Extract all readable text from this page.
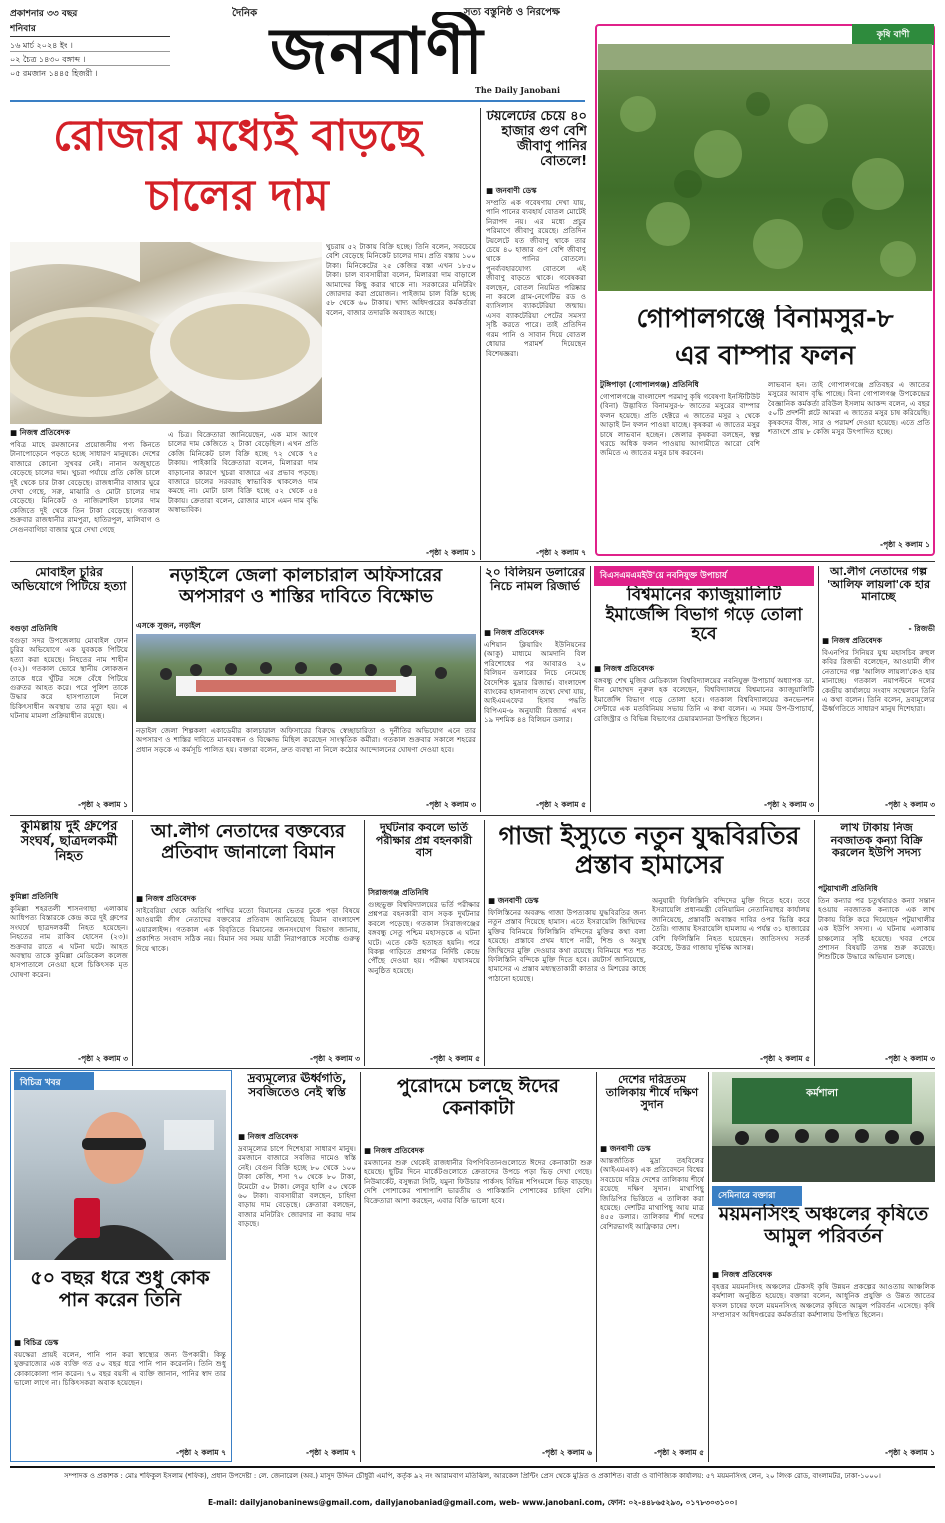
প্রকাশনার ৩৩ বছর
শনিবার
১৬ মার্চ ২০২৪ ইং ।
০২ চৈত্র ১৪৩০ বঙ্গাব্দ ।
০৫ রমজান ১৪৪৫ হিজরী ।
দৈনিক
জনবাণী
সত্য বস্তুনিষ্ঠ ও নিরপেক্ষ
The Daily Janobani
রোজার মধ্যেই বাড়ছে
চালের দাম
■ নিজস্ব প্রতিবেদক
পবিত্র মাহে রমজানের প্রয়োজনীয় পণ্য কিনতে টানাপোড়েনে পড়তে হচ্ছে সাধারণ মানুষকে। দেশের বাজারে কোনো সুখবর নেই। নানান অজুহাতে বেড়েছে চালের দাম। খুচরা পর্যায়ে প্রতি কেজি চালে দুই থেকে চার টাকা বেড়েছে। রাজধানীর বাজার ঘুরে দেখা গেছে, সরু, মাঝারি ও মোটা চালের দাম বেড়েছে। মিনিকেট ও নাজিরশাইল চালের দাম কেজিতে দুই থেকে তিন টাকা বেড়েছে। গতকাল শুক্রবার রাজধানীর রামপুরা, হাতিরপুল, মালিবাগ ও সেগুনবাগিচা বাজার ঘুরে দেখা গেছে
এ চিত্র। বিক্রেতারা জানিয়েছেন, এক মাস আগে চালের দাম কেজিতে ২ টাকা বেড়েছিল। এখন প্রতি কেজি মিনিকেট চাল বিক্রি হচ্ছে ৭২ থেকে ৭৫ টাকায়। পাইকারি বিক্রেতারা বলেন, মিলাররা দাম বাড়ানোর কারণে খুচরা বাজারে এর প্রভাব পড়ছে। বাজারে চালের সরবরাহ স্বাভাবিক থাকলেও দাম কমছে না। মোটা চাল বিক্রি হচ্ছে ৫২ থেকে ৫৪ টাকায়। ক্রেতারা বলেন, রোজার মাসে এমন দাম বৃদ্ধি অস্বাভাবিক।
খুচরায় ৫২ টাকায় বিক্রি হচ্ছে। তিনি বলেন, সবচেয়ে বেশি বেড়েছে মিনিকেট চালের দাম। প্রতি বস্তায় ১০০ টাকা। মিনিকেটের ২৫ কেজির বস্তা এখন ১৮৫০ টাকা। চাল ব্যবসায়ীরা বলেন, মিলাররা দাম বাড়ালে আমাদের কিছু করার থাকে না। সরকারের মনিটরিং জোরদার করা প্রয়োজন। পাইজাম চাল বিক্রি হচ্ছে ৫৮ থেকে ৬০ টাকায়। খাদ্য অধিদপ্তরের কর্মকর্তারা বলেন, বাজার তদারকি অব্যাহত আছে।
-পৃষ্ঠা ২ কলাম ১
টয়লেটের চেয়ে ৪০ হাজার গুণ বেশি জীবাণু পানির বোতলে!
■ জনবাণী ডেস্ক
সম্প্রতি এক গবেষণায় দেখা যায়, পানি পানের ব্যবহার্য বোতল মোটেই নিরাপদ নয়। এর মধ্যে প্রচুর পরিমাণে জীবাণু রয়েছে। প্রতিদিন টয়লেটে যত জীবাণু থাকে তার চেয়ে ৪০ হাজার গুণ বেশি জীবাণু থাকে পানির বোতলে। পুনর্ব্যবহারযোগ্য বোতলে এই জীবাণু বাড়তে থাকে। গবেষকরা বলছেন, বোতল নিয়মিত পরিষ্কার না করলে গ্রাম-নেগেটিভ রড ও ব্যাসিলাস ব্যাকটেরিয়া জন্মায়। এসব ব্যাকটেরিয়া পেটের সমস্যা সৃষ্টি করতে পারে। তাই প্রতিদিন গরম পানি ও সাবান দিয়ে বোতল ধোয়ার পরামর্শ দিয়েছেন বিশেষজ্ঞরা।
-পৃষ্ঠা ২ কলাম ৭
কৃষি বাণী
গোপালগঞ্জে বিনামসুর-৮
এর বাম্পার ফলন
টুঙ্গিপাড়া (গোপালগঞ্জ) প্রতিনিধি
গোপালগঞ্জে বাংলাদেশ পরমাণু কৃষি গবেষণা ইনস্টিটিউট (বিনা) উদ্ভাবিত বিনামসুর-৮ জাতের মসুরের বাম্পার ফলন হয়েছে। প্রতি হেক্টরে এ জাতের মসুর ২ থেকে আড়াই টন ফলন পাওয়া যাচ্ছে। কৃষকরা এ জাতের মসুর চাষে লাভবান হচ্ছেন। জেলার কৃষকরা বলছেন, স্বল্প খরচে অধিক ফলন পাওয়ায় আগামীতে আরো বেশি জমিতে এ জাতের মসুর চাষ করবেন।
লাভবান হন। তাই গোপালগঞ্জে প্রতিবছর এ জাতের মসুরের আবাদ বৃদ্ধি পাচ্ছে। বিনা গোপালগঞ্জ উপকেন্দ্রের বৈজ্ঞানিক কর্মকর্তা রবিউল ইসলাম আকন্দ বলেন, এ বছর ৫০টি প্রদর্শনী প্লটে আমরা এ জাতের মসুর চাষ করিয়েছি। কৃষকদের বীজ, সার ও পরামর্শ দেওয়া হয়েছে। এতে প্রতি শতাংশে প্রায় ৮ কেজি মসুর উৎপাদিত হচ্ছে।
-পৃষ্ঠা ২ কলাম ১
মোবাইল চুরির অভিযোগে পিটিয়ে হত্যা
বগুড়া প্রতিনিধি
বগুড়া সদর উপজেলায় মোবাইল ফোন চুরির অভিযোগে এক যুবককে পিটিয়ে হত্যা করা হয়েছে। নিহতের নাম শাহীন (৩২)। গতকাল ভোরে স্থানীয় লোকজন তাকে ধরে খুঁটির সঙ্গে বেঁধে পিটিয়ে গুরুতর আহত করে। পরে পুলিশ তাকে উদ্ধার করে হাসপাতালে নিলে চিকিৎসাধীন অবস্থায় তার মৃত্যু হয়। এ ঘটনায় মামলা প্রক্রিয়াধীন রয়েছে।
-পৃষ্ঠা ২ কলাম ১
নড়াইলে জেলা কালচারাল অফিসারের অপসারণ ও শাস্তির দাবিতে বিক্ষোভ
এসকে সুজন, নড়াইল
নড়াইল জেলা শিল্পকলা একাডেমীর কালচারাল অফিসারের বিরুদ্ধে স্বেচ্ছাচারিতা ও দুর্নীতির অভিযোগ এনে তার অপসারণ ও শাস্তির দাবিতে মানববন্ধন ও বিক্ষোভ মিছিল করেছেন সাংস্কৃতিক কর্মীরা। গতকাল শুক্রবার সকালে শহরের প্রধান সড়কে এ কর্মসূচি পালিত হয়। বক্তারা বলেন, দ্রুত ব্যবস্থা না নিলে কঠোর আন্দোলনের ঘোষণা দেওয়া হবে।
-পৃষ্ঠা ২ কলাম ৩
২০ বিলিয়ন ডলারের নিচে নামল রিজার্ভ
■ নিজস্ব প্রতিবেদক
এশিয়ান ক্লিয়ারিং ইউনিয়নের (আকু) মাধ্যমে আমদানি বিল পরিশোধের পর আবারও ২০ বিলিয়ন ডলারের নিচে নেমেছে বৈদেশিক মুদ্রার রিজার্ভ। বাংলাদেশ ব্যাংকের হালনাগাদ তথ্যে দেখা যায়, আইএমএফের হিসাব পদ্ধতি বিপিএম-৬ অনুযায়ী রিজার্ভ এখন ১৯ দশমিক ৪৪ বিলিয়ন ডলার।
-পৃষ্ঠা ২ কলাম ৫
বিএসএমএমইউ'য়ে নবনিযুক্ত উপাচার্য
বিশ্বমানের ক্যাজুয়ালিটি ইমার্জেন্সি বিভাগ গড়ে তোলা হবে
■ নিজস্ব প্রতিবেদক
বঙ্গবন্ধু শেখ মুজিব মেডিক্যাল বিশ্ববিদ্যালয়ের নবনিযুক্ত উপাচার্য অধ্যাপক ডা. দীন মোহাম্মদ নূরুল হক বলেছেন, বিশ্ববিদ্যালয়ে বিশ্বমানের ক্যাজুয়ালিটি ইমার্জেন্সি বিভাগ গড়ে তোলা হবে। গতকাল বিশ্ববিদ্যালয়ের কনভেনশন সেন্টারে এক মতবিনিময় সভায় তিনি এ কথা বলেন। এ সময় উপ-উপাচার্য, রেজিস্ট্রার ও বিভিন্ন বিভাগের চেয়ারম্যানরা উপস্থিত ছিলেন।
-পৃষ্ঠা ২ কলাম ৩
আ.লীগ নেতাদের গল্প 'আলিফ লায়লা'কে হার মানাচ্ছে
- রিজভী
■ নিজস্ব প্রতিবেদক
বিএনপির সিনিয়র যুগ্ম মহাসচিব রুহুল কবির রিজভী বলেছেন, আওয়ামী লীগ নেতাদের গল্প 'আলিফ লায়লা'কেও হার মানাচ্ছে। গতকাল নয়াপল্টনে দলের কেন্দ্রীয় কার্যালয়ে সংবাদ সম্মেলনে তিনি এ কথা বলেন। তিনি বলেন, দ্রব্যমূল্যের ঊর্ধ্বগতিতে সাধারণ মানুষ দিশেহারা।
-পৃষ্ঠা ২ কলাম ৩
কুমিল্লায় দুই গ্রুপের সংঘর্ষ, ছাত্রদলকর্মী নিহত
কুমিল্লা প্রতিনিধি
কুমিল্লা শহরতলী শাসনগাছা এলাকায় আধিপত্য বিস্তারকে কেন্দ্র করে দুই গ্রুপের সংঘর্ষে ছাত্রদলকর্মী নিহত হয়েছেন। নিহতের নাম রাকিব হোসেন (২৩)। শুক্রবার রাতে এ ঘটনা ঘটে। আহত অবস্থায় তাকে কুমিল্লা মেডিকেল কলেজ হাসপাতালে নেওয়া হলে চিকিৎসক মৃত ঘোষণা করেন।
-পৃষ্ঠা ২ কলাম ৩
আ.লীগ নেতাদের বক্তব্যের প্রতিবাদ জানালো বিমান
■ নিজস্ব প্রতিবেদক
সাইবেরিয়া থেকে অতিথি পাখির মতো বিমানের ভেতর ঢুকে পড়া বিষয়ে আওয়ামী লীগ নেতাদের বক্তব্যের প্রতিবাদ জানিয়েছে বিমান বাংলাদেশ এয়ারলাইন্স। গতকাল এক বিবৃতিতে বিমানের জনসংযোগ বিভাগ জানায়, প্রকাশিত সংবাদ সঠিক নয়। বিমান সব সময় যাত্রী নিরাপত্তাকে সর্বোচ্চ গুরুত্ব দিয়ে থাকে।
-পৃষ্ঠা ২ কলাম ৩
দুর্ঘটনার কবলে ভর্তি পরীক্ষার প্রশ্ন বহনকারী বাস
সিরাজগঞ্জ প্রতিনিধি
গুচ্ছভুক্ত বিশ্ববিদ্যালয়ের ভর্তি পরীক্ষার প্রশ্নপত্র বহনকারী বাস সড়ক দুর্ঘটনার কবলে পড়েছে। গতকাল সিরাজগঞ্জের বঙ্গবন্ধু সেতু পশ্চিম মহাসড়কে এ ঘটনা ঘটে। এতে কেউ হতাহত হয়নি। পরে বিকল্প গাড়িতে প্রশ্নপত্র নির্দিষ্ট কেন্দ্রে পৌঁছে দেওয়া হয়। পরীক্ষা যথাসময়ে অনুষ্ঠিত হয়েছে।
-পৃষ্ঠা ২ কলাম ৫
গাজা ইস্যুতে নতুন যুদ্ধবিরতির প্রস্তাব হামাসের
■ জনবাণী ডেস্ক
ফিলিস্তিনের অবরুদ্ধ গাজা উপত্যকায় যুদ্ধবিরতির জন্য নতুন প্রস্তাব দিয়েছে হামাস। এতে ইসরায়েলি জিম্মিদের মুক্তির বিনিময়ে ফিলিস্তিনি বন্দিদের মুক্তির কথা বলা হয়েছে। প্রস্তাবে প্রথম ধাপে নারী, শিশু ও অসুস্থ জিম্মিদের মুক্তি দেওয়ার কথা রয়েছে। বিনিময়ে শত শত ফিলিস্তিনি বন্দিকে মুক্তি দিতে হবে। রয়টার্স জানিয়েছে, হামাসের এ প্রস্তাব মধ্যস্থতাকারী কাতার ও মিশরের কাছে পাঠানো হয়েছে।
অনুযায়ী ফিলিস্তিনি বন্দিদের মুক্তি দিতে হবে। তবে ইসরায়েলি প্রধানমন্ত্রী বেনিয়ামিন নেতানিয়াহুর কার্যালয় জানিয়েছে, প্রস্তাবটি অবাস্তব দাবির ওপর ভিত্তি করে তৈরি। গাজায় ইসরায়েলি হামলায় এ পর্যন্ত ৩১ হাজারের বেশি ফিলিস্তিনি নিহত হয়েছেন। জাতিসংঘ সতর্ক করেছে, উত্তর গাজায় দুর্ভিক্ষ আসন্ন।
-পৃষ্ঠা ২ কলাম ৫
লাখ টাকায় নিজ নবজাতক কন্যা বিক্রি করলেন ইউপি সদস্য
পটুয়াখালী প্রতিনিধি
তিন কন্যার পর চতুর্থবারও কন্যা সন্তান হওয়ায় নবজাতক কন্যাকে এক লাখ টাকায় বিক্রি করে দিয়েছেন পটুয়াখালীর এক ইউপি সদস্য। এ ঘটনায় এলাকায় চাঞ্চল্যের সৃষ্টি হয়েছে। খবর পেয়ে প্রশাসন বিষয়টি তদন্ত শুরু করেছে। শিশুটিকে উদ্ধারে অভিযান চলছে।
-পৃষ্ঠা ২ কলাম ৩
বিচিত্র খবর
৫০ বছর ধরে শুধু কোক পান করেন তিনি
■ বিচিত্র ডেস্ক
বয়স্কেরা প্রায়ই বলেন, পানি পান করা স্বাস্থ্যের জন্য উপকারী। কিন্তু যুক্তরাজ্যের এক ব্যক্তি গত ৫০ বছর ধরে পানি পান করেননি। তিনি শুধু কোকাকোলা পান করেন। ৭০ বছর বয়সী এ ব্যক্তি জানান, পানির স্বাদ তার ভালো লাগে না। চিকিৎসকরা অবাক হয়েছেন।
-পৃষ্ঠা ২ কলাম ৭
দ্রব্যমূল্যের ঊর্ধ্বগতি, সবজিতেও নেই স্বস্তি
■ নিজস্ব প্রতিবেদক
দ্রব্যমূল্যের চাপে দিশেহারা সাধারণ মানুষ। রমজানে বাজারে সবজির দামেও স্বস্তি নেই। বেগুন বিক্রি হচ্ছে ৮০ থেকে ১০০ টাকা কেজি, শসা ৭০ থেকে ৮০ টাকা, টমেটো ৫০ টাকা। লেবুর হালি ৫০ থেকে ৬০ টাকা। ব্যবসায়ীরা বলছেন, চাহিদা বাড়ায় দাম বেড়েছে। ক্রেতারা বলছেন, বাজার মনিটরিং জোরদার না করায় দাম বাড়ছে।
-পৃষ্ঠা ২ কলাম ৭
পুরোদমে চলছে ঈদের কেনাকাটা
■ নিজস্ব প্রতিবেদক
রমজানের শুরু থেকেই রাজধানীর বিপণিবিতানগুলোতে ঈদের কেনাকাটা শুরু হয়েছে। ছুটির দিনে মার্কেটগুলোতে ক্রেতাদের উপচে পড়া ভিড় দেখা গেছে। নিউমার্কেট, বসুন্ধরা সিটি, যমুনা ফিউচার পার্কসহ বিভিন্ন শপিংমলে ভিড় বাড়ছে। দেশি পোশাকের পাশাপাশি ভারতীয় ও পাকিস্তানি পোশাকের চাহিদা বেশি। বিক্রেতারা আশা করছেন, এবার বিক্রি ভালো হবে।
-পৃষ্ঠা ২ কলাম ৬
দেশের দরিদ্রতম তালিকায় শীর্ষে দক্ষিণ সুদান
■ জনবাণী ডেস্ক
আন্তর্জাতিক মুদ্রা তহবিলের (আইএমএফ) এক প্রতিবেদনে বিশ্বের সবচেয়ে দরিদ্র দেশের তালিকায় শীর্ষে রয়েছে দক্ষিণ সুদান। মাথাপিছু জিডিপির ভিত্তিতে এ তালিকা করা হয়েছে। দেশটির মাথাপিছু আয় মাত্র ৪৫৫ ডলার। তালিকার শীর্ষ দশের বেশিরভাগই আফ্রিকার দেশ।
-পৃষ্ঠা ২ কলাম ৫
কর্মশালা
সেমিনারে বক্তারা
ময়মনসিংহ অঞ্চলের কৃষিতে আমুল পরিবর্তন
■ নিজস্ব প্রতিবেদক
বৃহত্তর ময়মনসিংহ অঞ্চলের টেকসই কৃষি উন্নয়ন প্রকল্পের আওতায় আঞ্চলিক কর্মশালা অনুষ্ঠিত হয়েছে। বক্তারা বলেন, আধুনিক প্রযুক্তি ও উন্নত জাতের ফসল চাষের ফলে ময়মনসিংহ অঞ্চলের কৃষিতে আমুল পরিবর্তন এসেছে। কৃষি সম্প্রসারণ অধিদপ্তরের কর্মকর্তারা কর্মশালায় উপস্থিত ছিলেন।
-পৃষ্ঠা ২ কলাম ১
সম্পাদক ও প্রকাশক : মোঃ শফিকুল ইসলাম (শফিক), প্রধান উপদেষ্টা : লে. জেনারেল (অব.) মাসুদ উদ্দিন চৌধুরী এমপি, কর্তৃক ৯২ নং আরামবাগ মতিঝিল, আরকেল প্রিন্টিং প্রেস থেকে মুদ্রিত ও প্রকাশিত। বার্তা ও বাণিজ্যিক কার্যালয়: ৫৭ ময়মনসিংহ লেন, ২০ লিংক রোড, বাংলামটর, ঢাকা-১০০০।
E-mail: dailyjanobaninews@gmail.com, dailyjanobaniad@gmail.com, web- www.janobani.com, ফোন: ০২-৪৪৮৬৫২৯৩, ০১৭৮৩০৩১০০।
